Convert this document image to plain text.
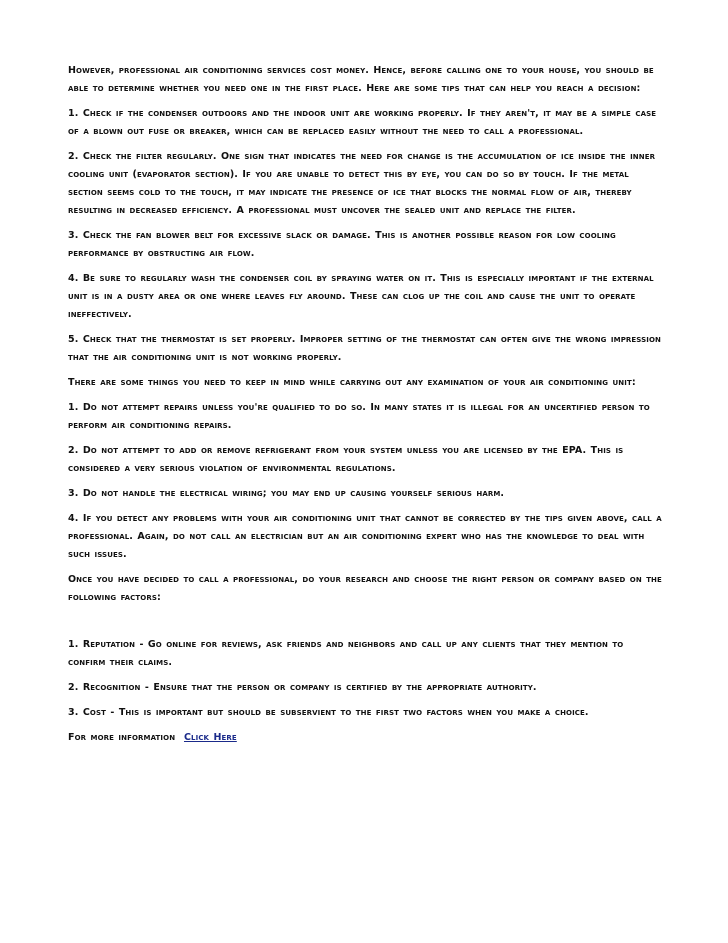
However, professional air conditioning services cost money. Hence, before calling one to your house, you should be able to determine whether you need one in the first place. Here are some tips that can help you reach a decision:

1. Check if the condenser outdoors and the indoor unit are working properly. If they aren't, it may be a simple case of a blown out fuse or breaker, which can be replaced easily without the need to call a professional.

2. Check the filter regularly. One sign that indicates the need for change is the accumulation of ice inside the inner cooling unit (evaporator section). If you are unable to detect this by eye, you can do so by touch. If the metal section seems cold to the touch, it may indicate the presence of ice that blocks the normal flow of air, thereby resulting in decreased efficiency. A professional must uncover the sealed unit and replace the filter.

3. Check the fan blower belt for excessive slack or damage. This is another possible reason for low cooling performance by obstructing air flow.

4. Be sure to regularly wash the condenser coil by spraying water on it. This is especially important if the external unit is in a dusty area or one where leaves fly around. These can clog up the coil and cause the unit to operate ineffectively.

5. Check that the thermostat is set properly. Improper setting of the thermostat can often give the wrong impression that the air conditioning unit is not working properly.

There are some things you need to keep in mind while carrying out any examination of your air conditioning unit:

1. Do not attempt repairs unless you're qualified to do so. In many states it is illegal for an uncertified person to perform air conditioning repairs.

2. Do not attempt to add or remove refrigerant from your system unless you are licensed by the EPA. This is considered a very serious violation of environmental regulations.

3. Do not handle the electrical wiring; you may end up causing yourself serious harm.

4. If you detect any problems with your air conditioning unit that cannot be corrected by the tips given above, call a professional. Again, do not call an electrician but an air conditioning expert who has the knowledge to deal with such issues.

Once you have decided to call a professional, do your research and choose the right person or company based on the following factors:

1. Reputation - Go online for reviews, ask friends and neighbors and call up any clients that they mention to confirm their claims.

2. Recognition - Ensure that the person or company is certified by the appropriate authority.

3. Cost - This is important but should be subservient to the first two factors when you make a choice.

For more information Click Here
